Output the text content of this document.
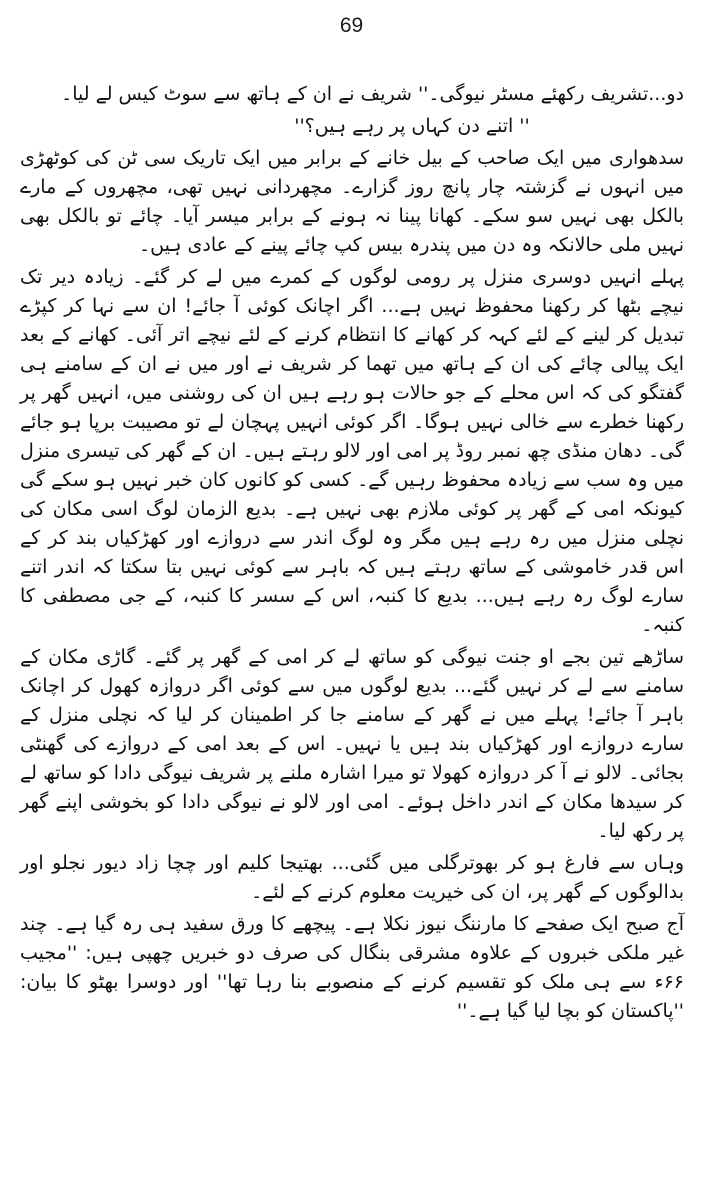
69

دو...تشریف رکھئے مسٹر نیوگی۔'' شریف نے ان کے ہاتھ سے سوٹ کیس لے لیا۔

'' اتنے دن کہاں پر رہے ہیں؟''

سدھواری میں ایک صاحب کے بیل خانے کے برابر میں ایک تاریک سی ٹن کی کوٹھڑی میں انہوں نے گزشتہ چار پانچ روز گزارے۔ مچھردانی نہیں تھی، مچھروں کے مارے بالکل بھی نہیں سو سکے۔ کھانا پینا نہ ہونے کے برابر میسر آیا۔ چائے تو بالکل بھی نہیں ملی حالانکہ وہ دن میں پندرہ بیس کپ چائے پینے کے عادی ہیں۔

پہلے انہیں دوسری منزل پر رومی لوگوں کے کمرے میں لے کر گئے۔ زیادہ دیر تک نیچے بٹھا کر رکھنا محفوظ نہیں ہے... اگر اچانک کوئی آ جائے! ان سے نہا کر کپڑے تبدیل کر لینے کے لئے کہہ کر کھانے کا انتظام کرنے کے لئے نیچے اتر آئی۔ کھانے کے بعد ایک پیالی چائے کی ان کے ہاتھ میں تھما کر شریف نے اور میں نے ان کے سامنے ہی گفتگو کی کہ اس محلے کے جو حالات ہو رہے ہیں ان کی روشنی میں، انہیں گھر پر رکھنا خطرے سے خالی نہیں ہوگا۔ اگر کوئی انہیں پہچان لے تو مصیبت برپا ہو جائے گی۔ دھان منڈی چھ نمبر روڈ پر امی اور لالو رہتے ہیں۔ ان کے گھر کی تیسری منزل میں وہ سب سے زیادہ محفوظ رہیں گے۔ کسی کو کانوں کان خبر نہیں ہو سکے گی کیونکہ امی کے گھر پر کوئی ملازم بھی نہیں ہے۔ بدیع الزمان لوگ اسی مکان کی نچلی منزل میں رہ رہے ہیں مگر وہ لوگ اندر سے دروازے اور کھڑکیاں بند کر کے اس قدر خاموشی کے ساتھ رہتے ہیں کہ باہر سے کوئی نہیں بتا سکتا کہ اندر اتنے سارے لوگ رہ رہے ہیں... بدیع کا کنبہ، اس کے سسر کا کنبہ، کے جی مصطفی کا کنبہ۔

ساڑھے تین بجے او جنت نیوگی کو ساتھ لے کر امی کے گھر پر گئے۔ گاڑی مکان کے سامنے سے لے کر نہیں گئے... بدیع لوگوں میں سے کوئی اگر دروازہ کھول کر اچانک باہر آ جائے! پہلے میں نے گھر کے سامنے جا کر اطمینان کر لیا کہ نچلی منزل کے سارے دروازے اور کھڑکیاں بند ہیں یا نہیں۔ اس کے بعد امی کے دروازے کی گھنٹی بجائی۔ لالو نے آ کر دروازہ کھولا تو میرا اشارہ ملنے پر شریف نیوگی دادا کو ساتھ لے کر سیدھا مکان کے اندر داخل ہوئے۔ امی اور لالو نے نیوگی دادا کو بخوشی اپنے گھر پر رکھ لیا۔

وہاں سے فارغ ہو کر بھوترگلی میں گئی... بھتیجا کلیم اور چچا زاد دیور نجلو اور بدالوگوں کے گھر پر، ان کی خیریت معلوم کرنے کے لئے۔

آج صبح ایک صفحے کا مارننگ نیوز نکلا ہے۔ پیچھے کا ورق سفید ہی رہ گیا ہے۔ چند غیر ملکی خبروں کے علاوہ مشرقی بنگال کی صرف دو خبریں چھپی ہیں: ''مجیب ۶۶ء سے ہی ملک کو تقسیم کرنے کے منصوبے بنا رہا تھا'' اور دوسرا بھٹو کا بیان: ''پاکستان کو بچا لیا گیا ہے۔''
